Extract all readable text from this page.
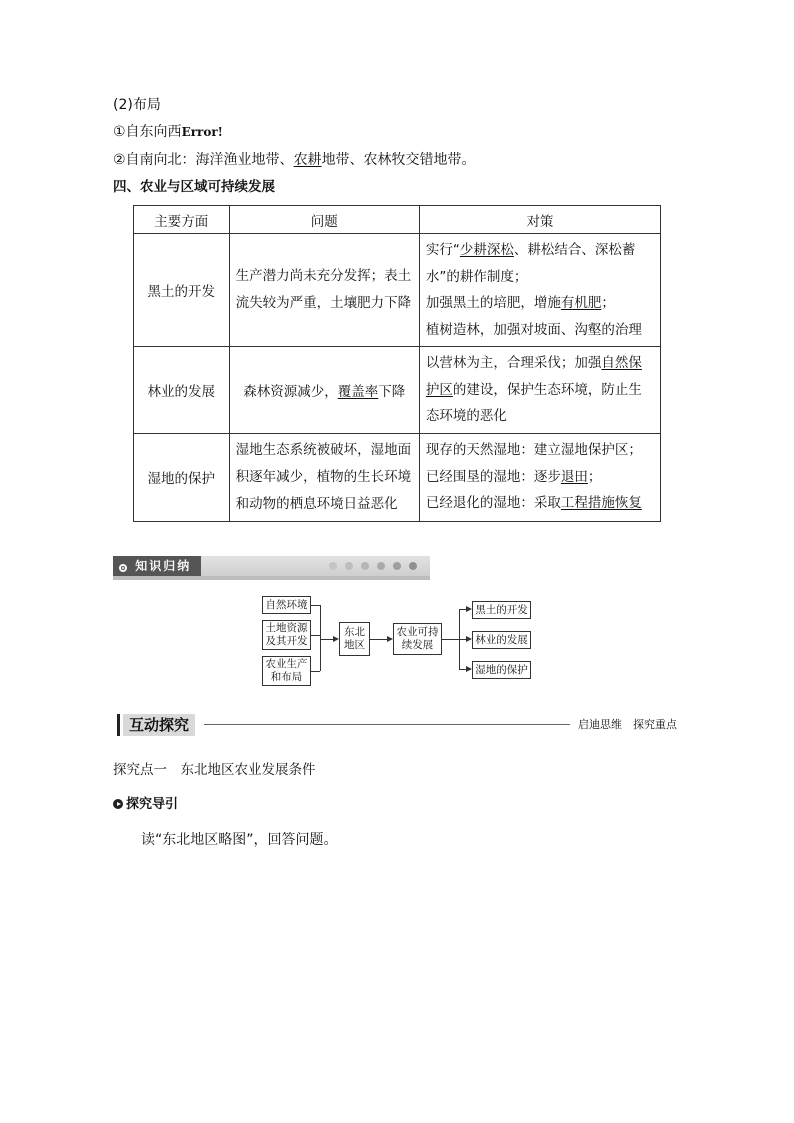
(2)布局
①自东向西Error!
②自南向北：海洋渔业地带、农耕地带、农林牧交错地带。
四、农业与区域可持续发展
主要方面	问题	对策
黑土的开发	生产潜力尚未充分发挥；表土流失较为严重，土壤肥力下降	实行“少耕深松、耕松结合、深松蓄水”的耕作制度；
加强黑土的培肥，增施有机肥；
植树造林，加强对坡面、沟壑的治理

林业的发展	森林资源减少，覆盖率下降	以营林为主，合理采伐；加强自然保护区的建设，保护生态环境，防止生态环境的恶化

湿地的保护	湿地生态系统被破坏，湿地面积逐年减少，植物的生长环境和动物的栖息环境日益恶化	现存的天然湿地：建立湿地保护区；
已经围垦的湿地：逐步退田；
已经退化的湿地：采取工程措施恢复
知识归纳
自然环境
土地资源及其开发
农业生产和布局
东北地区
农业可持续发展
黑土的开发
林业的发展
湿地的保护
互动探究	启迪思维　探究重点
探究点一　东北地区农业发展条件
探究导引
读“东北地区略图”，回答问题。
